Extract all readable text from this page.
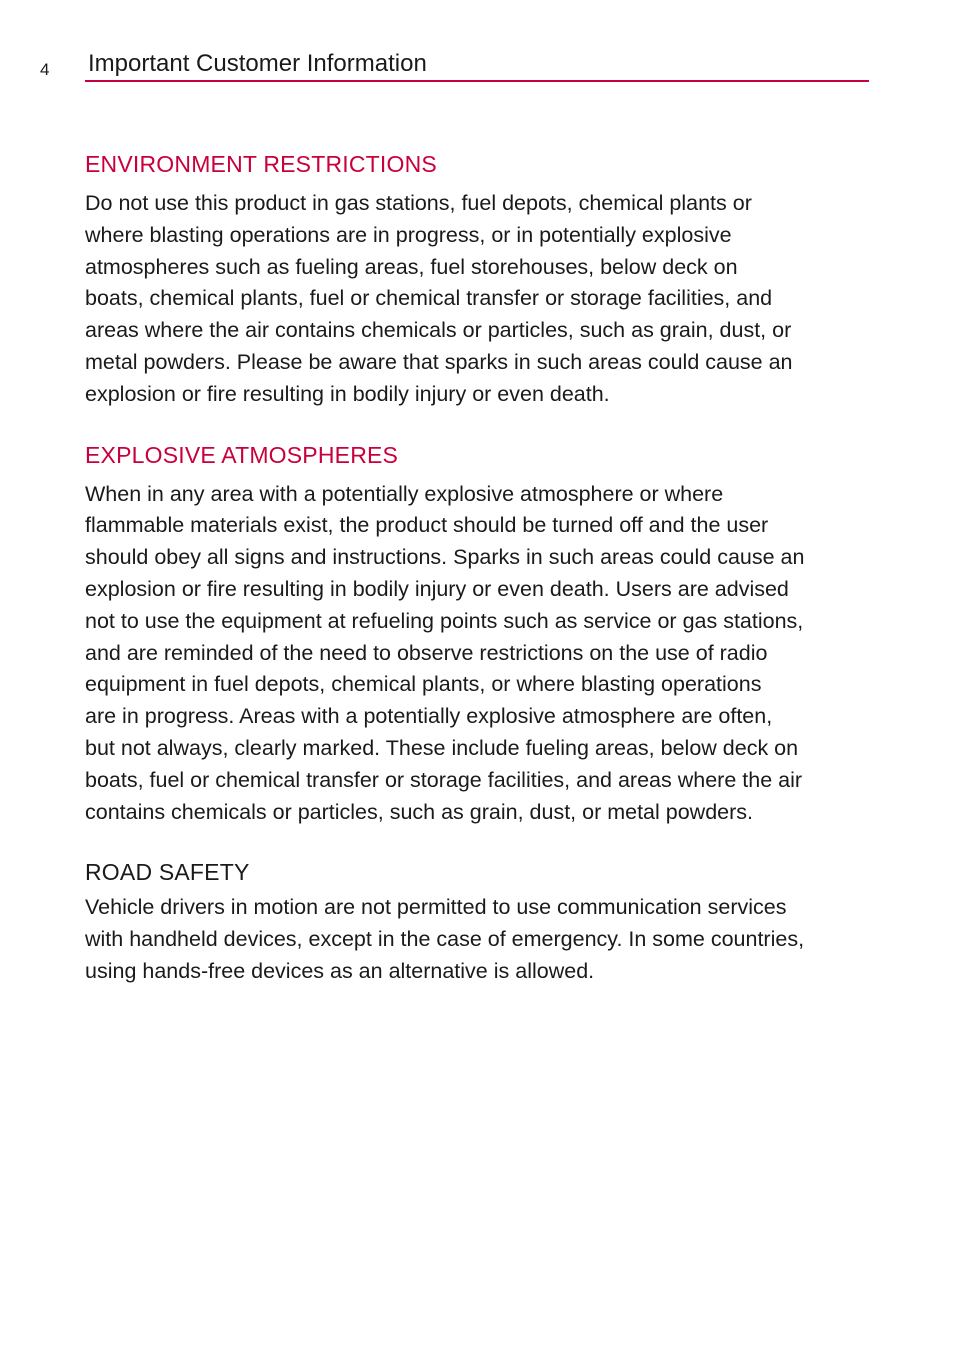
4 Important Customer Information
ENVIRONMENT RESTRICTIONS

Do not use this product in gas stations, fuel depots, chemical plants or
where blasting operations are in progress, or in potentially explosive
atmospheres such as fueling areas, fuel storehouses, below deck on
boats, chemical plants, fuel or chemical transfer or storage facilities, and
areas where the air contains chemicals or particles, such as grain, dust, or
metal powders. Please be aware that sparks in such areas could cause an
explosion or fire resulting in bodily injury or even death.

EXPLOSIVE ATMOSPHERES

When in any area with a potentially explosive atmosphere or where
flammable materials exist, the product should be turned off and the user
should obey all signs and instructions. Sparks in such areas could cause an
explosion or fire resulting in bodily injury or even death. Users are advised
not to use the equipment at refueling points such as service or gas stations,
and are reminded of the need to observe restrictions on the use of radio
equipment in fuel depots, chemical plants, or where blasting operations
are in progress. Areas with a potentially explosive atmosphere are often,
but not always, clearly marked. These include fueling areas, below deck on
boats, fuel or chemical transfer or storage facilities, and areas where the air
contains chemicals or particles, such as grain, dust, or metal powders.

ROAD SAFETY

Vehicle drivers in motion are not permitted to use communication services
with handheld devices, except in the case of emergency. In some countries,
using hands-free devices as an alternative is allowed.
